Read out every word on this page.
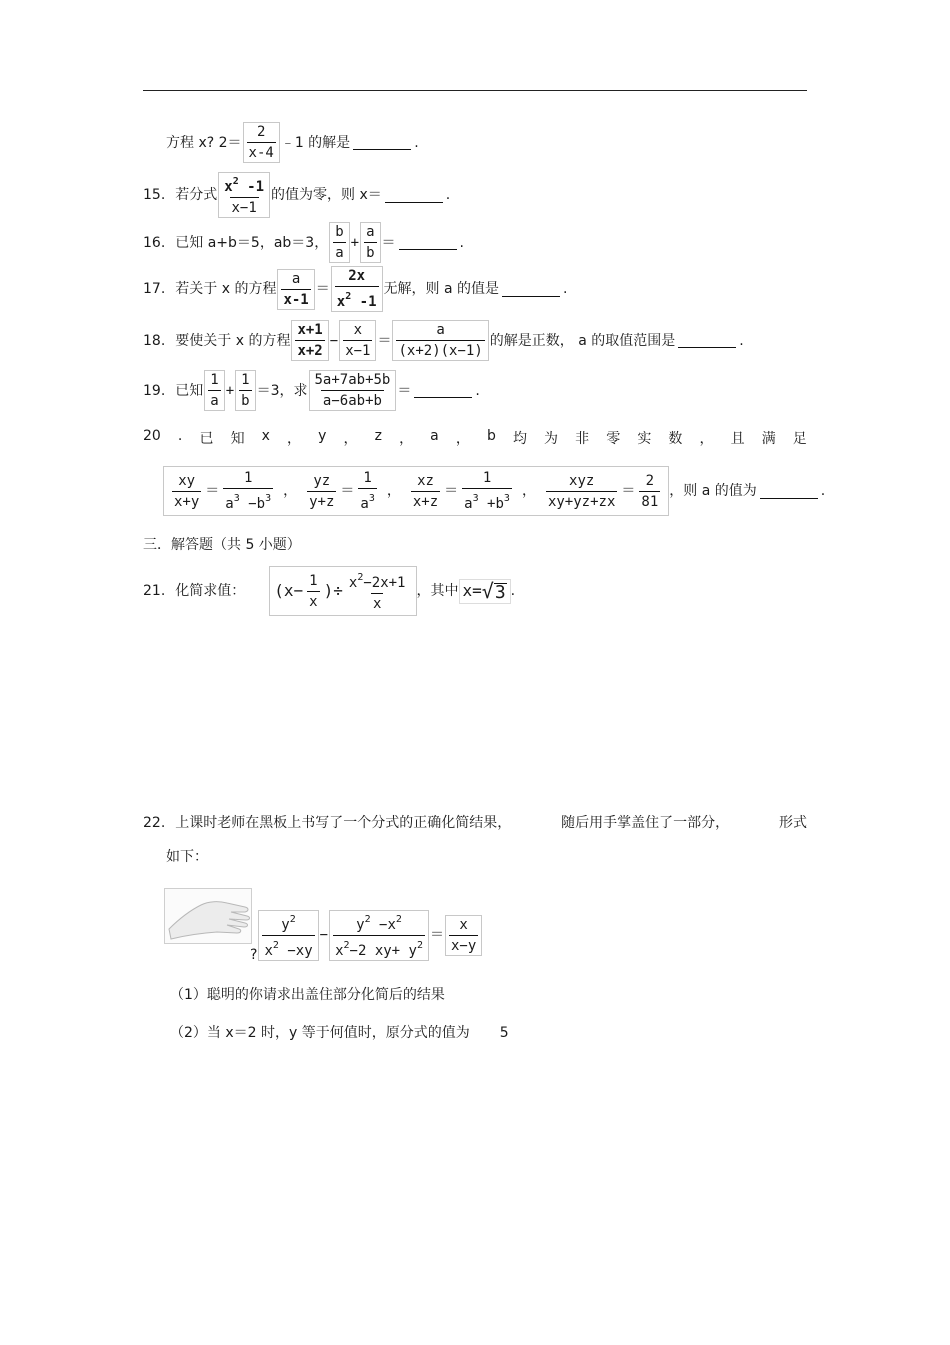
方程 x? $2= \frac{2}{x-4}$ ﹣1 的解是	.
15. 若分式 $\frac{x^2 -1}{x-1}$ 的值为零，则 x＝	.
16. 已知 a+b＝5，ab＝3， $\frac{b}{a} + \frac{a}{b}$ ＝	.
17. 若关于 x 的方程 $\frac{a}{x-1} = \frac{2x}{x^2 -1}$ 无解，则 a 的值是	.
18. 要使关于 x 的方程 $\frac{x+1}{x+2} - \frac{x}{x-1} = \frac{a}{(x+2)(x-1)}$ 的解是正数， a 的取值范围是	.
19. 已知 $\frac{1}{a} + \frac{1}{b} =3$，求 $\frac{5a+7ab+5b}{a-6ab+b}$ ＝	.
20 . 已 知 x ， y ， z ， a ， b 均 为 非 零 实 数 ， 且 满 足
$\frac{xy}{x+y} = \frac{1}{a^3 -b^3}$ ， $\frac{yz}{y+z} = \frac{1}{a^3}$ ， $\frac{xz}{x+z} = \frac{1}{a^3 +b^3}$ ， $\frac{\text{xyz}}{xy+yz+zx} = \frac{2}{81}$ ，则 a 的值为	.
三．解答题（共 5 小题）
21. 化简求值： ($x- \frac{1}{x}$ )÷ $\frac{x^2-2x+1}{x}$ ，其中 x= √ 3 .
22. 上课时老师在黑板上书写了一个分式的正确化简结果，	随后用手掌盖住了一部分，	形式
如下：
? $\frac{y^2}{x^2 -xy} - \frac{y^2 -x^2}{x^2-2 xy+ y^2} = \frac{x}{x-y}$
（1）聪明的你请求出盖住部分化简后的结果
（2）当 x＝2 时，y 等于何值时，原分式的值为 5
